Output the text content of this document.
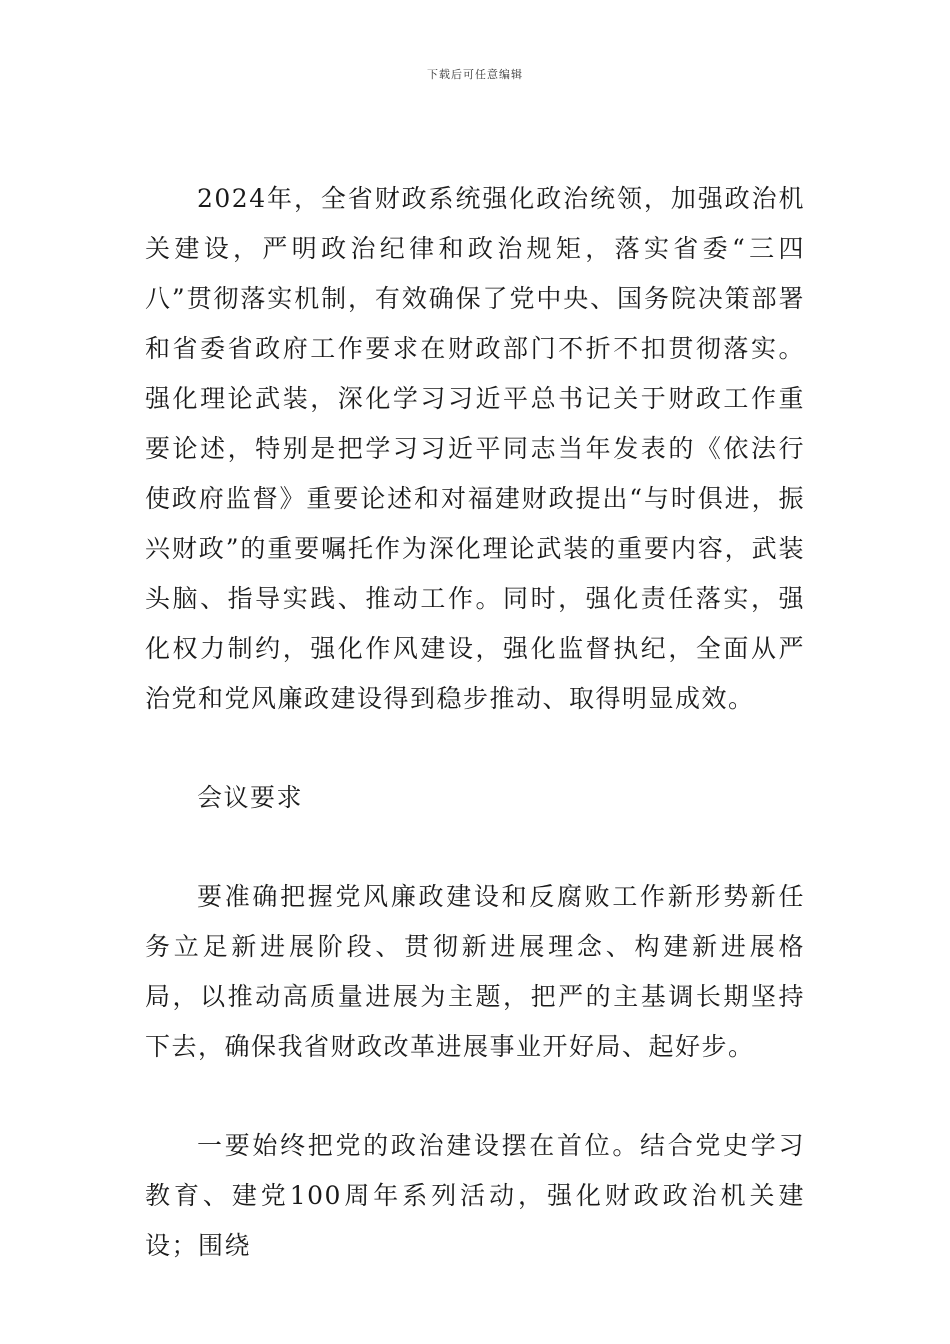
下载后可任意编辑

2024年，全省财政系统强化政治统领，加强政治机关建设，严明政治纪律和政治规矩，落实省委“三四八”贯彻落实机制，有效确保了党中央、国务院决策部署和省委省政府工作要求在财政部门不折不扣贯彻落实。强化理论武装，深化学习习近平总书记关于财政工作重要论述，特别是把学习习近平同志当年发表的《依法行使政府监督》重要论述和对福建财政提出“与时俱进，振兴财政”的重要嘱托作为深化理论武装的重要内容，武装头脑、指导实践、推动工作。同时，强化责任落实，强化权力制约，强化作风建设，强化监督执纪，全面从严治党和党风廉政建设得到稳步推动、取得明显成效。

会议要求

要准确把握党风廉政建设和反腐败工作新形势新任务立足新进展阶段、贯彻新进展理念、构建新进展格局，以推动高质量进展为主题，把严的主基调长期坚持下去，确保我省财政改革进展事业开好局、起好步。

一要始终把党的政治建设摆在首位。结合党史学习教育、建党100周年系列活动，强化财政政治机关建设；围绕
